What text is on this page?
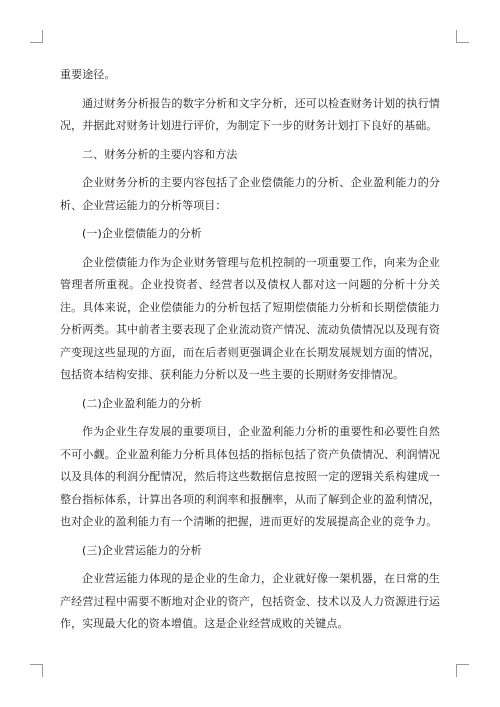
重要途径。

通过财务分析报告的数字分析和文字分析，还可以检查财务计划的执行情况，并据此对财务计划进行评价，为制定下一步的财务计划打下良好的基础。

二、财务分析的主要内容和方法

企业财务分析的主要内容包括了企业偿债能力的分析、企业盈利能力的分析、企业营运能力的分析等项目：

(一)企业偿债能力的分析

企业偿债能力作为企业财务管理与危机控制的一项重要工作，向来为企业管理者所重视。企业投资者、经营者以及债权人都对这一问题的分析十分关注。具体来说，企业偿债能力的分析包括了短期偿债能力分析和长期偿债能力分析两类。其中前者主要表现了企业流动资产情况、流动负债情况以及现有资产变现这些显现的方面，而在后者则更强调企业在长期发展规划方面的情况，包括资本结构安排、获利能力分析以及一些主要的长期财务安排情况。

(二)企业盈利能力的分析

作为企业生存发展的重要项目，企业盈利能力分析的重要性和必要性自然不可小觑。企业盈利能力分析具体包括的指标包括了资产负债情况、利润情况以及具体的利润分配情况，然后将这些数据信息按照一定的逻辑关系构建成一整台指标体系，计算出各项的利润率和报酬率，从而了解到企业的盈利情况，也对企业的盈利能力有一个清晰的把握，进而更好的发展提高企业的竞争力。

(三)企业营运能力的分析

企业营运能力体现的是企业的生命力，企业就好像一架机器，在日常的生产经营过程中需要不断地对企业的资产，包括资金、技术以及人力资源进行运作，实现最大化的资本增值。这是企业经营成败的关键点。
